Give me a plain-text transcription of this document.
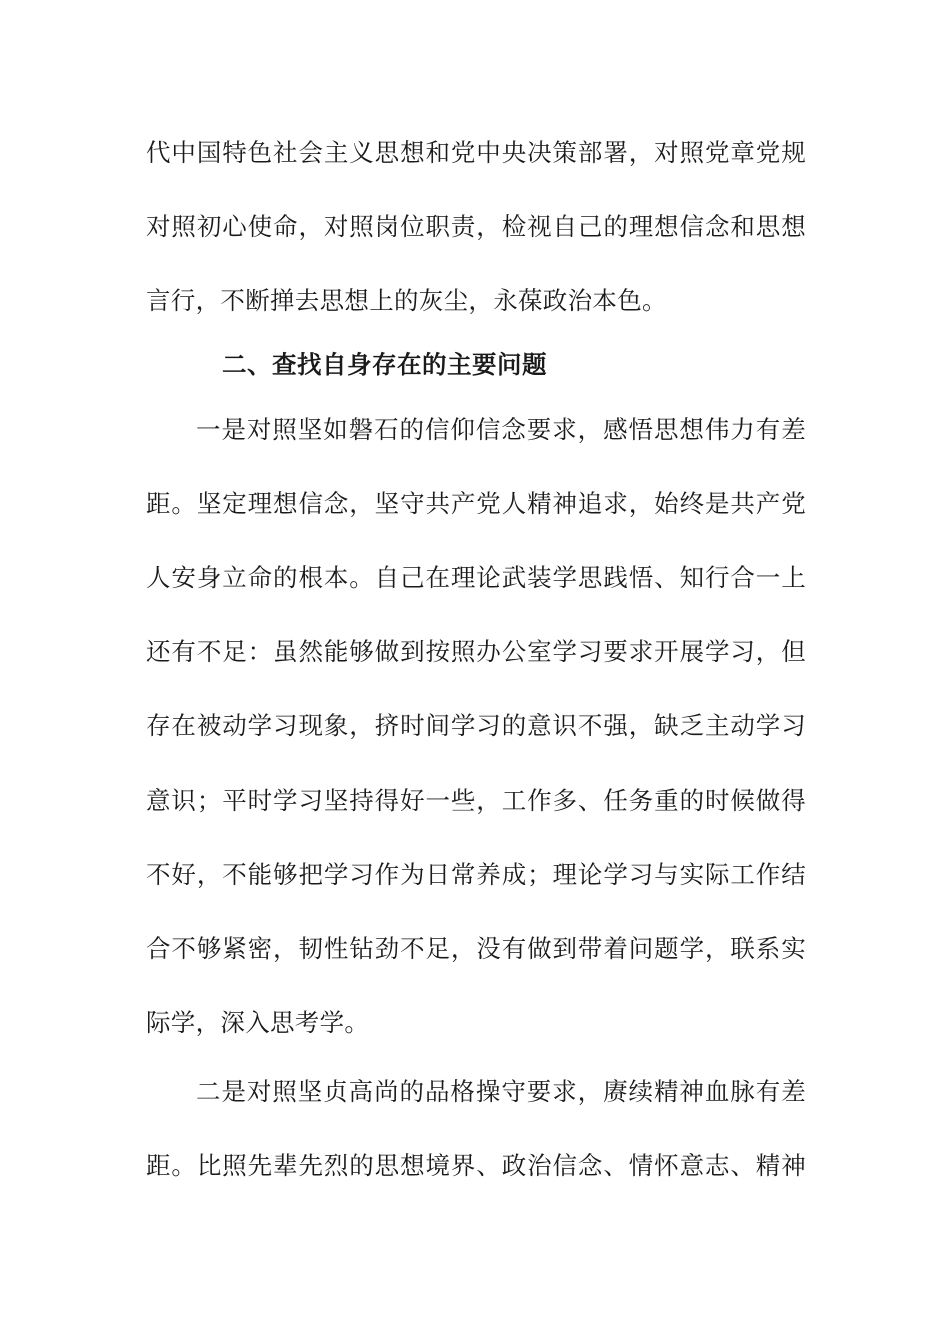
代中国特色社会主义思想和党中央决策部署，对照党章党规
对照初心使命，对照岗位职责，检视自己的理想信念和思想
言行，不断掸去思想上的灰尘，永葆政治本色。
二、查找自身存在的主要问题
一是对照坚如磐石的信仰信念要求，感悟思想伟力有差
距。坚定理想信念，坚守共产党人精神追求，始终是共产党
人安身立命的根本。自己在理论武装学思践悟、知行合一上
还有不足：虽然能够做到按照办公室学习要求开展学习，但
存在被动学习现象，挤时间学习的意识不强，缺乏主动学习
意识；平时学习坚持得好一些，工作多、任务重的时候做得
不好，不能够把学习作为日常养成；理论学习与实际工作结
合不够紧密，韧性钻劲不足，没有做到带着问题学，联系实
际学，深入思考学。
二是对照坚贞高尚的品格操守要求，赓续精神血脉有差
距。比照先辈先烈的思想境界、政治信念、情怀意志、精神
